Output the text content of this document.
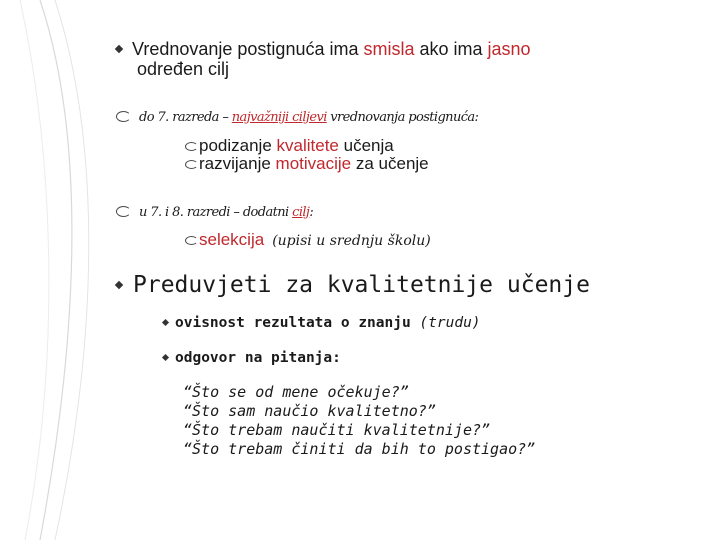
Vrednovanje postignuća ima smisla ako ima jasno
određen cilj
do 7. razreda – najvažniji ciljevi vrednovanja postignuća:
podizanje kvalitete učenja
razvijanje motivacije za učenje
u 7. i 8. razredi – dodatni cilj:
selekcija (upisi u srednju školu)
Preduvjeti za kvalitetnije učenje
ovisnost rezultata o znanju (trudu)
odgovor na pitanja:
“Što se od mene očekuje?”
“Što sam naučio kvalitetno?”
“Što trebam naučiti kvalitetnije?”
“Što trebam činiti da bih to postigao?”
